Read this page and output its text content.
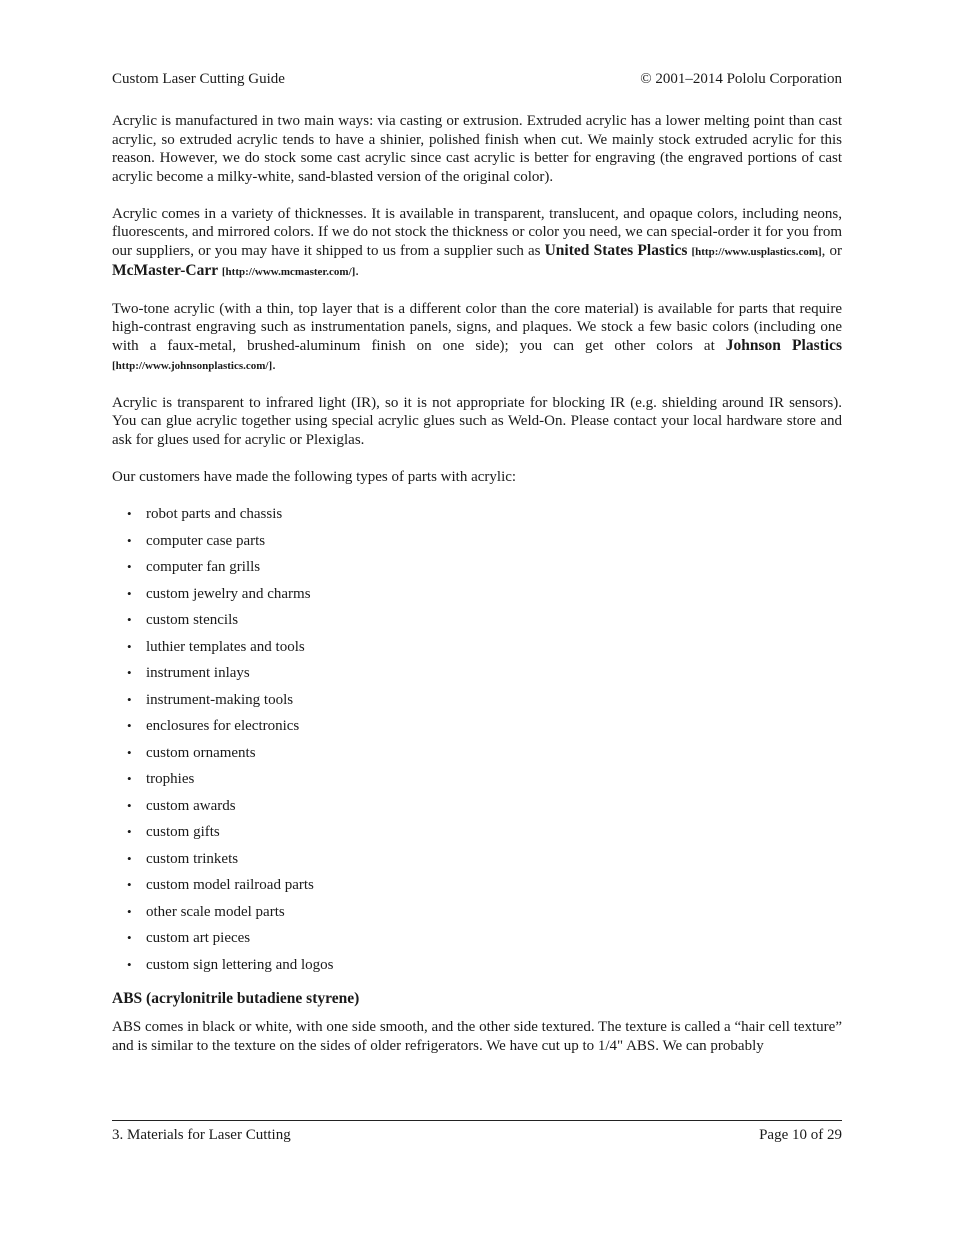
Custom Laser Cutting Guide	© 2001–2014 Pololu Corporation

Acrylic is manufactured in two main ways: via casting or extrusion. Extruded acrylic has a lower melting point than cast acrylic, so extruded acrylic tends to have a shinier, polished finish when cut. We mainly stock extruded acrylic for this reason. However, we do stock some cast acrylic since cast acrylic is better for engraving (the engraved portions of cast acrylic become a milky-white, sand-blasted version of the original color).

Acrylic comes in a variety of thicknesses. It is available in transparent, translucent, and opaque colors, including neons, fluorescents, and mirrored colors. If we do not stock the thickness or color you need, we can special-order it for you from our suppliers, or you may have it shipped to us from a supplier such as United States Plastics [http://www.usplastics.com], or McMaster-Carr [http://www.mcmaster.com/].

Two-tone acrylic (with a thin, top layer that is a different color than the core material) is available for parts that require high-contrast engraving such as instrumentation panels, signs, and plaques. We stock a few basic colors (including one with a faux-metal, brushed-aluminum finish on one side); you can get other colors at Johnson Plastics [http://www.johnsonplastics.com/].

Acrylic is transparent to infrared light (IR), so it is not appropriate for blocking IR (e.g. shielding around IR sensors). You can glue acrylic together using special acrylic glues such as Weld-On. Please contact your local hardware store and ask for glues used for acrylic or Plexiglas.

Our customers have made the following types of parts with acrylic:

• robot parts and chassis
• computer case parts
• computer fan grills
• custom jewelry and charms
• custom stencils
• luthier templates and tools
• instrument inlays
• instrument-making tools
• enclosures for electronics
• custom ornaments
• trophies
• custom awards
• custom gifts
• custom trinkets
• custom model railroad parts
• other scale model parts
• custom art pieces
• custom sign lettering and logos
ABS (acrylonitrile butadiene styrene)

ABS comes in black or white, with one side smooth, and the other side textured. The texture is called a “hair cell texture” and is similar to the texture on the sides of older refrigerators. We have cut up to 1/4" ABS. We can probably

3. Materials for Laser Cutting	Page 10 of 29
